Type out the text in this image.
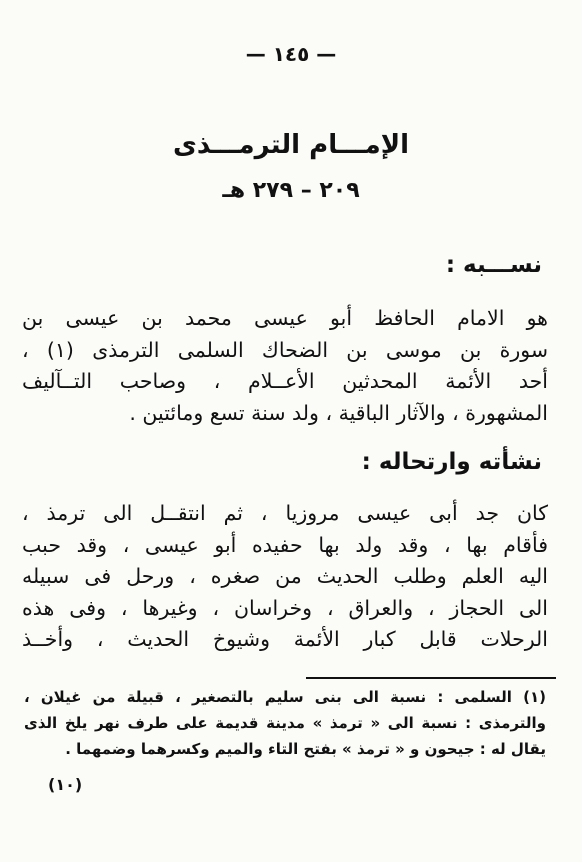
— ١٤٥ —
الإمـــام الترمـــذى
٢٠٩ – ٢٧٩ هـ
نســـبه :
هو الامام الحافظ أبو عيسى محمد بن عيسى بن
سورة بن موسى بن الضحاك السلمى الترمذى (١) ،
أحد الأئمة المحدثين الأعــلام ، وصاحب التــآليف
المشهورة ، والآثار الباقية ، ولد سنة تسع ومائتين .
نشأته وارتحاله :
كان جد أبى عيسى مروزيا ، ثم انتقــل الى ترمذ ،
فأقام بها ، وقد ولد بها حفيده أبو عيسى ، وقد حبب
اليه العلم وطلب الحديث من صغره ، ورحل فى سبيله
الى الحجاز ، والعراق ، وخراسان ، وغيرها ، وفى هذه
الرحلات قابل كبار الأئمة وشيوخ الحديث ، وأخــذ
(١) السلمى : نسبة الى بنى سليم بالتصغير ، قبيلة من غيلان ،
والترمذى : نسبة الى « ترمذ » مدينة قديمة على طرف نهر يلخ الذى
يقال له : جيحون و « ترمذ » بفتح التاء والميم وكسرهما وضمهما .
(١٠)
